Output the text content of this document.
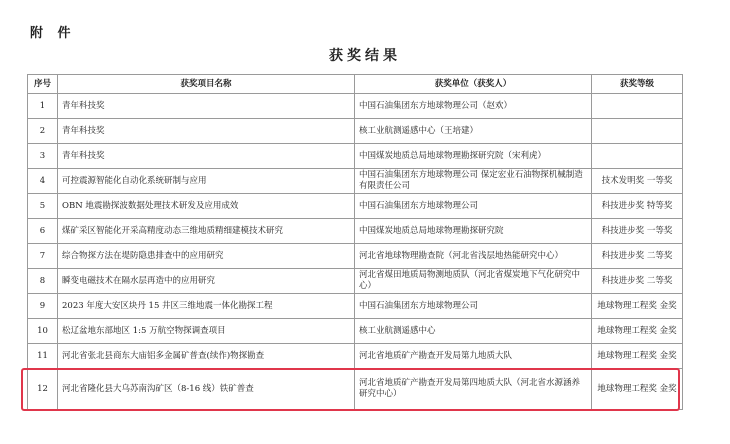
附 件
获奖结果
序号	获奖项目名称	获奖单位（获奖人）	获奖等级
1	青年科技奖	中国石油集团东方地球物理公司（赵欢）	
2	青年科技奖	核工业航测遥感中心（王培建）	
3	青年科技奖	中国煤炭地质总局地球物理勘探研究院（宋利虎）	
4	可控震源智能化自动化系统研制与应用	中国石油集团东方地球物理公司 保定宏业石油物探机械制造有限责任公司	技术发明奖 一等奖
5	OBN 地震勘探波数据处理技术研发及应用成效	中国石油集团东方地球物理公司	科技进步奖 特等奖
6	煤矿采区智能化开采高精度动态三维地质精细建模技术研究	中国煤炭地质总局地球物理勘探研究院	科技进步奖 一等奖
7	综合物探方法在堤防隐患排查中的应用研究	河北省地球物理勘查院（河北省浅层地热能研究中心）	科技进步奖 二等奖
8	瞬变电磁技术在隔水层再造中的应用研究	河北省煤田地质局物测地质队（河北省煤炭地下气化研究中心）	科技进步奖 二等奖
9	2023 年度大安区块丹 15 井区三维地震一体化勘探工程	中国石油集团东方地球物理公司	地球物理工程奖 金奖
10	松辽盆地东部地区 1:5 万航空物探调查项目	核工业航测遥感中心	地球物理工程奖 金奖
11	河北省张北县商东大庙铝多金属矿普查(续作)物探勘查	河北省地质矿产勘查开发局第九地质大队	地球物理工程奖 金奖
12	河北省隆化县大乌苏南沟矿区（8-16 线）铁矿普查	河北省地质矿产勘查开发局第四地质大队（河北省水源涵养研究中心）	地球物理工程奖 金奖
